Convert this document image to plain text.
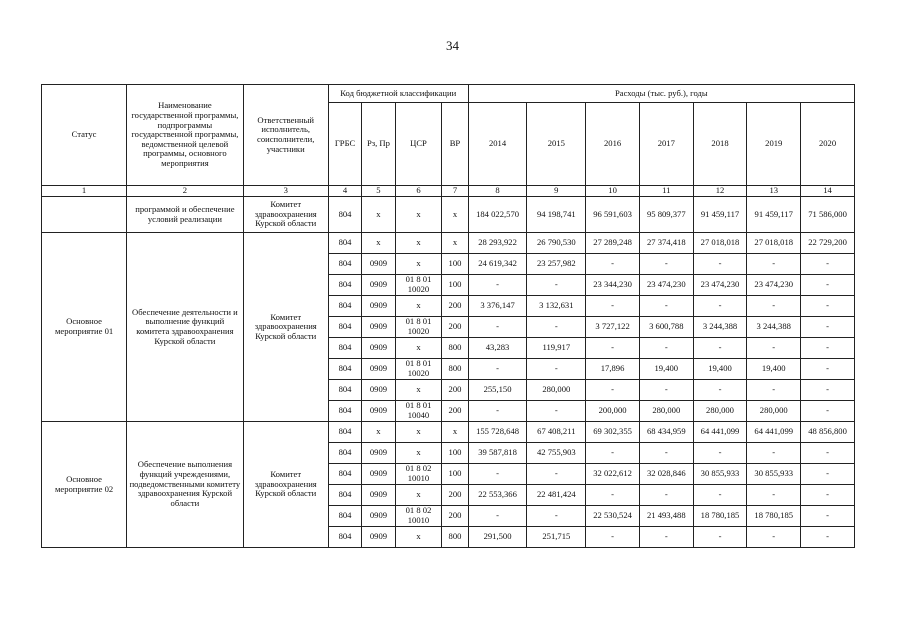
34
Статус	Наименование государственной программы, подпрограммы государственной программы, ведомственной целевой программы, основного мероприятия	Ответственный исполнитель, соисполнители, участники	Код бюджетной классификации				Расходы (тыс. руб.), годы						
			ГРБС	Рз, Пр	ЦСР	ВР	2014	2015	2016	2017	2018	2019	2020
1	2	3	4	5	6	7	8	9	10	11	12	13	14
	программой и обеспечение условий реализации	Комитет здравоохранения Курской области	804	х	х	х	184 022,570	94 198,741	96 591,603	95 809,377	91 459,117	91 459,117	71 586,000
Основное мероприятие 01	Обеспечение деятельности и выполнение функций комитета здравоохранения Курской области	Комитет здравоохранения Курской области	804	х	х	х	28 293,922	26 790,530	27 289,248	27 374,418	27 018,018	27 018,018	22 729,200
			804	0909	х	100	24 619,342	23 257,982	-	-	-	-	-
			804	0909	01 8 01 10020	100	-	-	23 344,230	23 474,230	23 474,230	23 474,230	-
			804	0909	х	200	3 376,147	3 132,631	-	-	-	-	-
			804	0909	01 8 01 10020	200	-	-	3 727,122	3 600,788	3 244,388	3 244,388	-
			804	0909	х	800	43,283	119,917	-	-	-	-	-
			804	0909	01 8 01 10020	800	-	-	17,896	19,400	19,400	19,400	-
			804	0909	х	200	255,150	280,000	-	-	-	-	-
			804	0909	01 8 01 10040	200	-	-	200,000	280,000	280,000	280,000	-
Основное мероприятие 02	Обеспечение выполнения функций учреждениями, подведомственными комитету здравоохранения Курской области	Комитет здравоохранения Курской области	804	х	х	х	155 728,648	67 408,211	69 302,355	68 434,959	64 441,099	64 441,099	48 856,800
			804	0909	х	100	39 587,818	42 755,903	-	-	-	-	-
			804	0909	01 8 02 10010	100	-	-	32 022,612	32 028,846	30 855,933	30 855,933	-
			804	0909	х	200	22 553,366	22 481,424	-	-	-	-	-
			804	0909	01 8 02 10010	200	-	-	22 530,524	21 493,488	18 780,185	18 780,185	-
			804	0909	х	800	291,500	251,715	-	-	-	-	-
